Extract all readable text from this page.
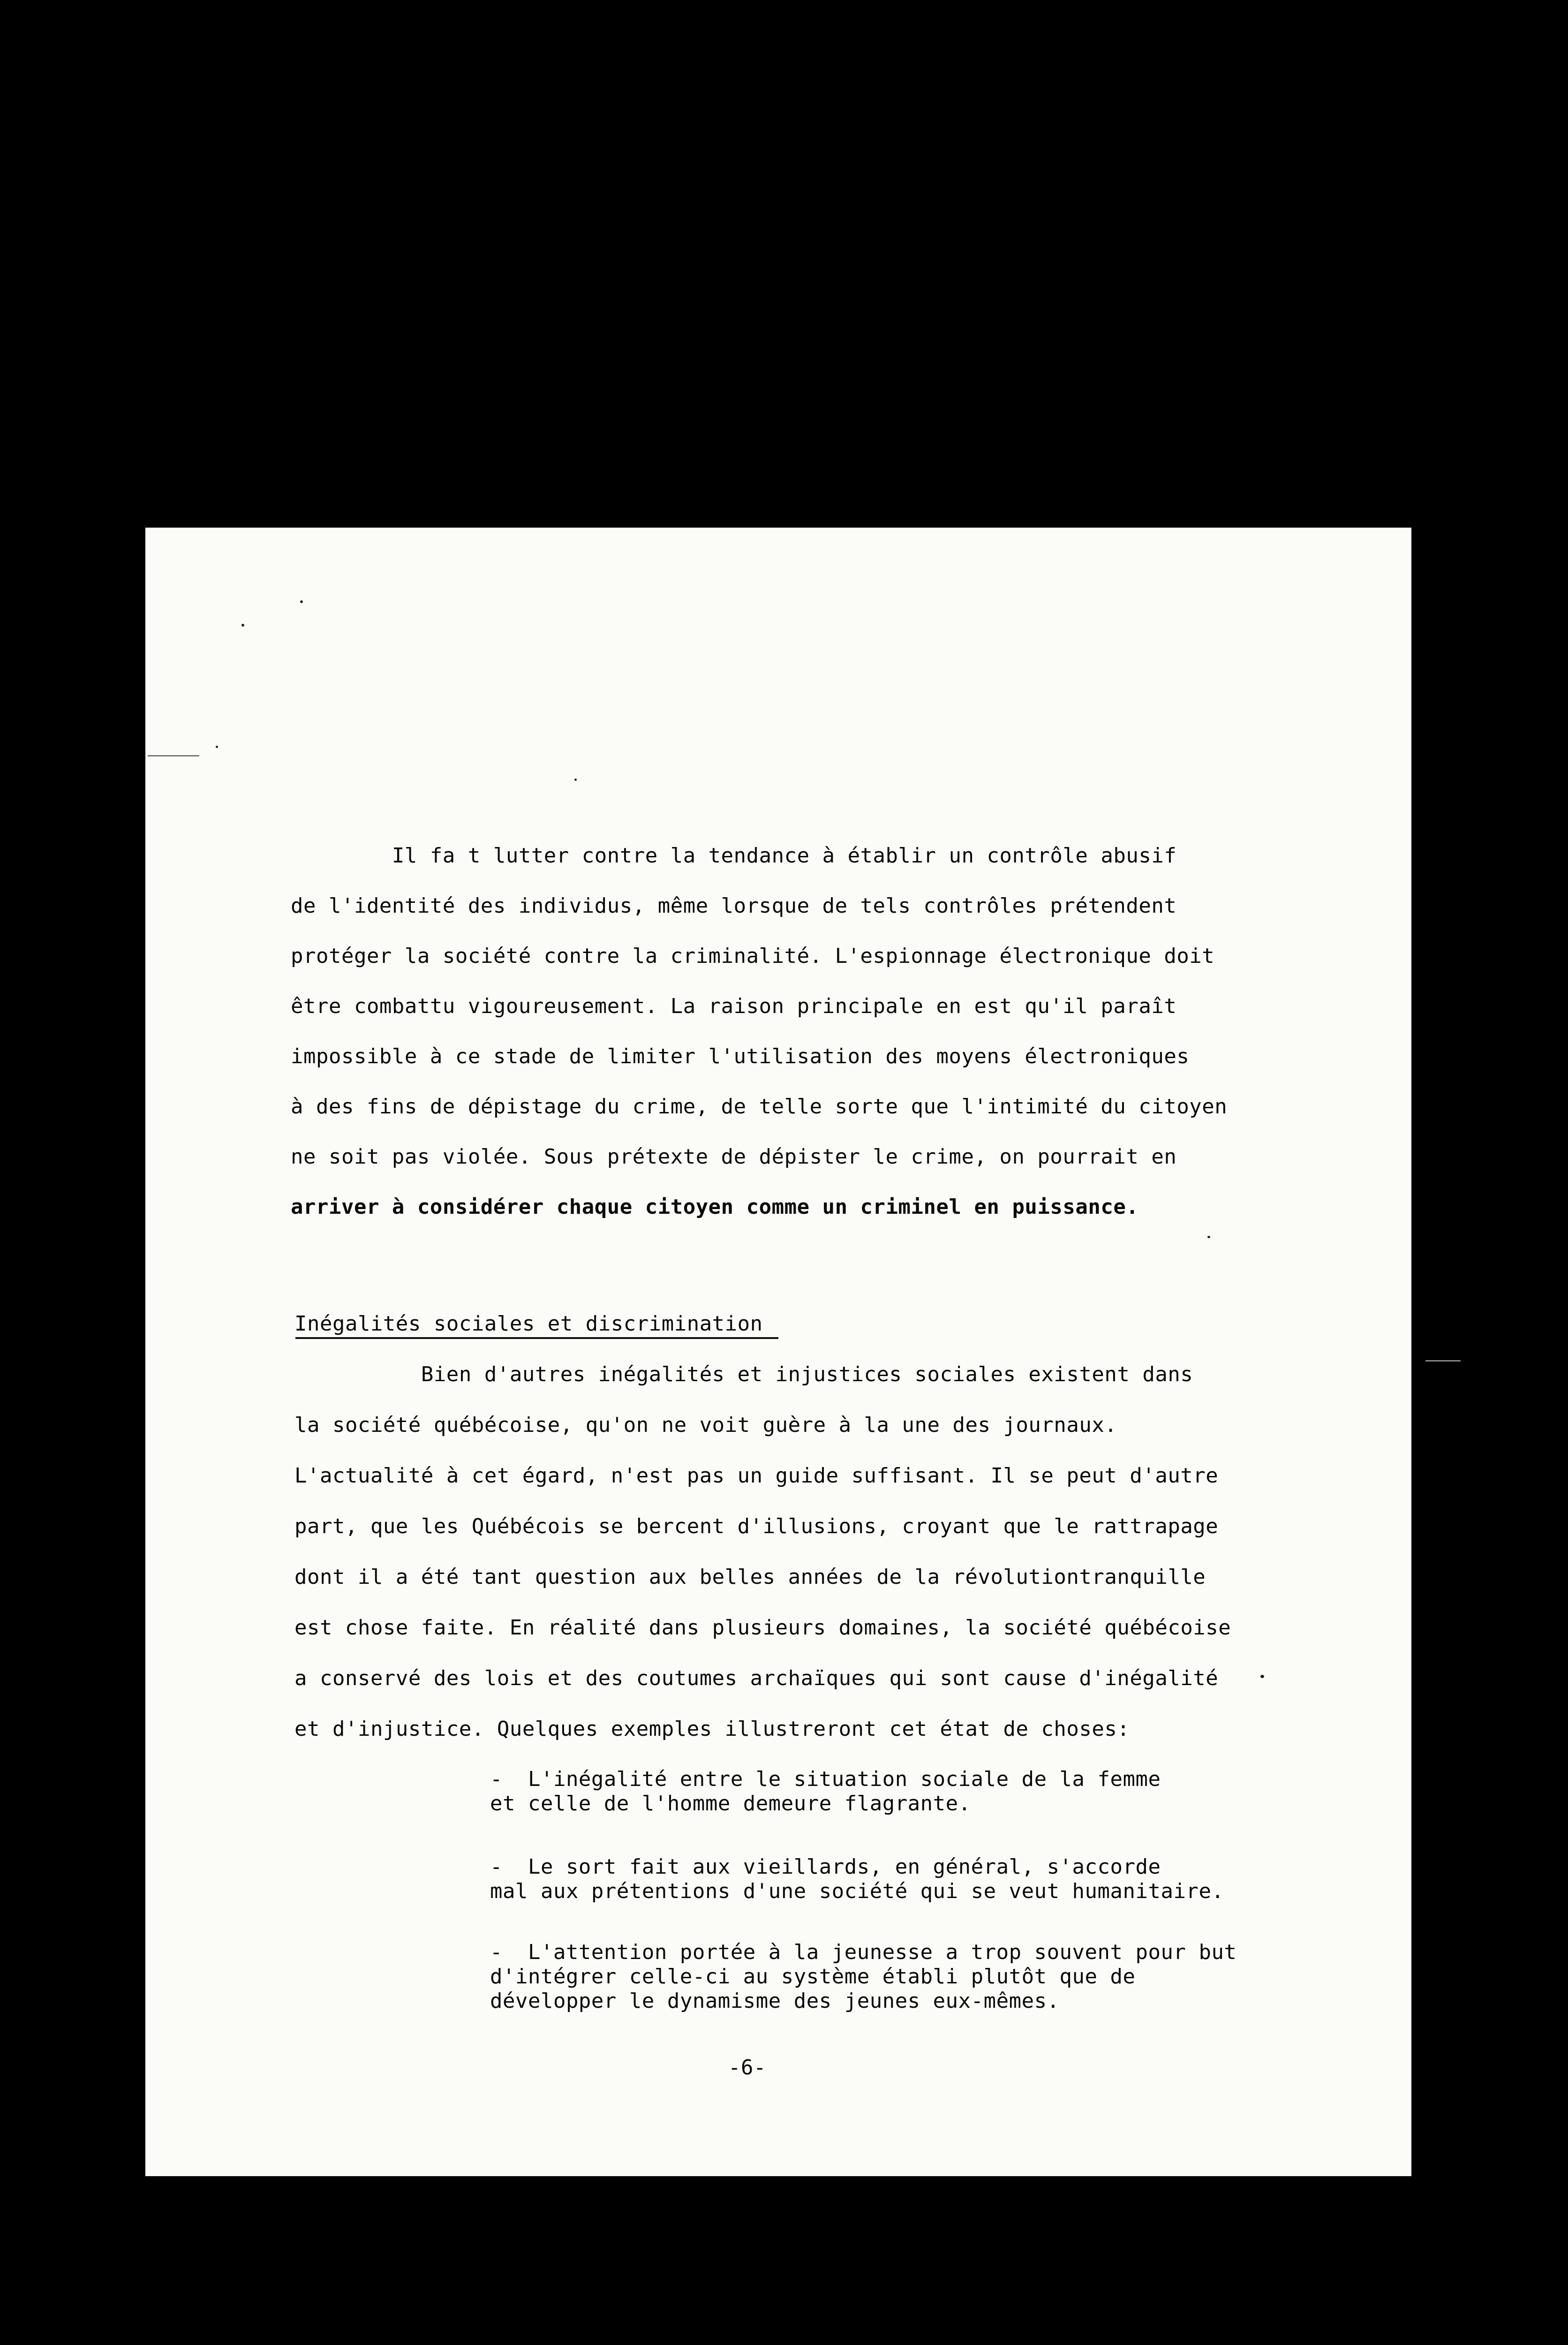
Il fa t lutter contre la tendance à établir un contrôle abusif

de l'identité des individus, même lorsque de tels contrôles prétendent

protéger la société contre la criminalité. L'espionnage électronique doit

être combattu vigoureusement. La raison principale en est qu'il paraît

impossible à ce stade de limiter l'utilisation des moyens électroniques

à des fins de dépistage du crime, de telle sorte que l'intimité du citoyen

ne soit pas violée. Sous prétexte de dépister le crime, on pourrait en

arriver à considérer chaque citoyen comme un criminel en puissance.

Inégalités sociales et discrimination

Bien d'autres inégalités et injustices sociales existent dans

la société québécoise, qu'on ne voit guère à la une des journaux.

L'actualité à cet égard, n'est pas un guide suffisant. Il se peut d'autre

part, que les Québécois se bercent d'illusions, croyant que le rattrapage

dont il a été tant question aux belles années de la révolutiontranquille

est chose faite. En réalité dans plusieurs domaines, la société québécoise

a conservé des lois et des coutumes archaïques qui sont cause d'inégalité

et d'injustice. Quelques exemples illustreront cet état de choses:

-  L'inégalité entre le situation sociale de la femme

et celle de l'homme demeure flagrante.

-  Le sort fait aux vieillards, en général, s'accorde

mal aux prétentions d'une société qui se veut humanitaire.

-  L'attention portée à la jeunesse a trop souvent pour but

d'intégrer celle-ci au système établi plutôt que de

développer le dynamisme des jeunes eux-mêmes.

-6-
